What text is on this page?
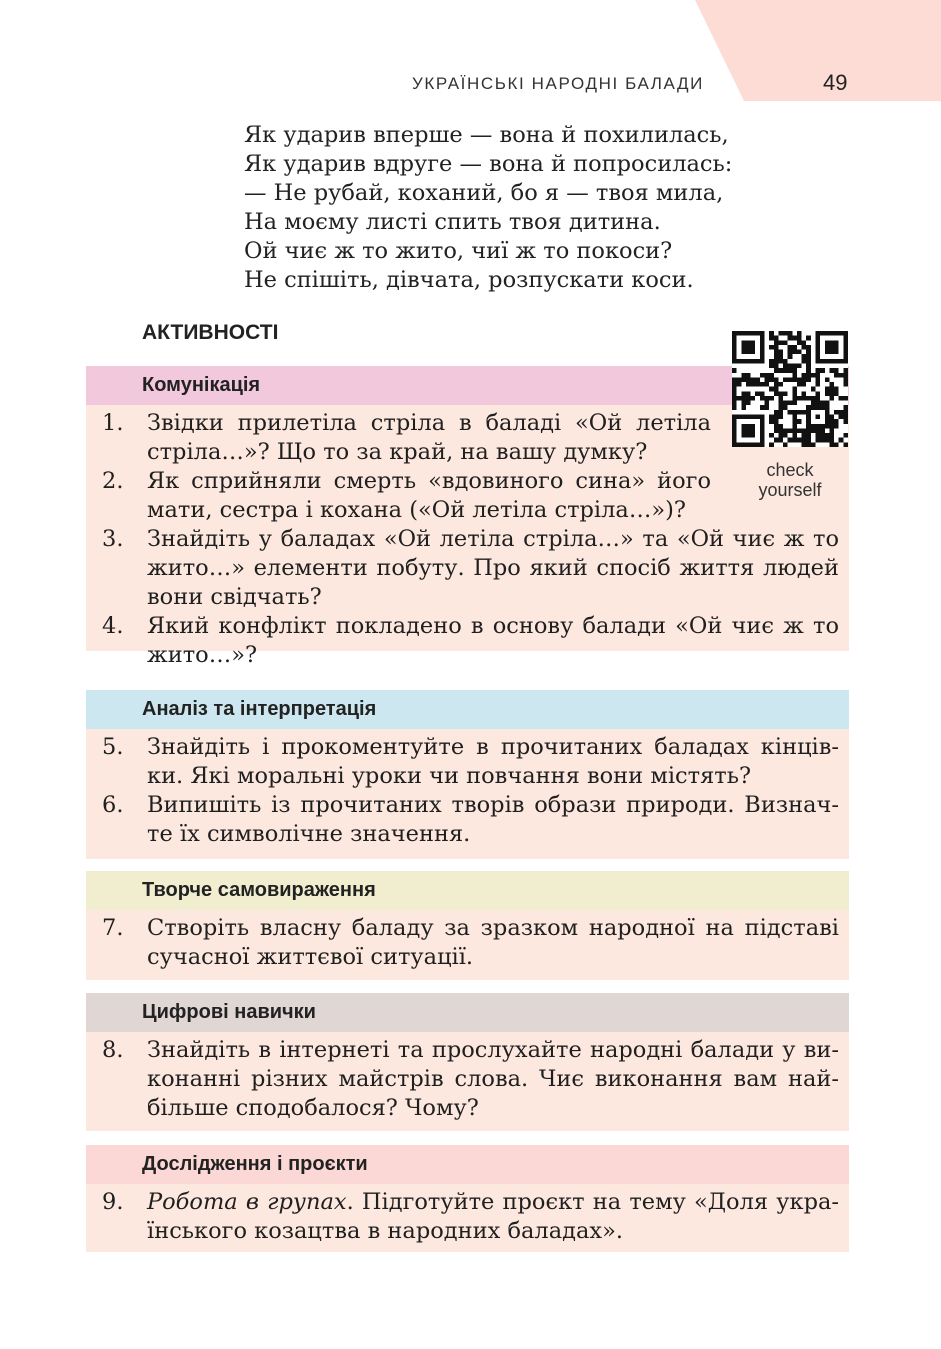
УКРАЇНСЬКІ НАРОДНІ БАЛАДИ	49
Як ударив вперше — вона й похилилась,
Як ударив вдруге — вона й попросилась:
— Не рубай, коханий, бо я — твоя мила,
На моєму листі спить твоя дитина.
Ой чиє ж то жито, чиї ж то покоси?
Не спішіть, дівчата, розпускати коси.
АКТИВНОСТІ
Комунікація
1. Звідки прилетіла стріла в баладі «Ой летіла
стріла…»? Що то за край, на вашу думку?
2. Як сприйняли смерть «вдовиного сина» його
мати, сестра і кохана («Ой летіла стріла…»)?
3. Знайдіть у баладах «Ой летіла стріла…» та «Ой чиє ж то
жито…» елементи побуту. Про який спосіб життя людей
вони свідчать?
4. Який конфлікт покладено в основу балади «Ой чиє ж то
жито…»?
check
yourself
Аналіз та інтерпретація
5. Знайдіть і прокоментуйте в прочитаних баладах кінців-
ки. Які моральні уроки чи повчання вони містять?
6. Випишіть із прочитаних творів образи природи. Визнач-
те їх символічне значення.
Творче самовираження
7. Створіть власну баладу за зразком народної на підставі
сучасної життєвої ситуації.
Цифрові навички
8. Знайдіть в інтернеті та прослухайте народні балади у ви-
конанні різних майстрів слова. Чиє виконання вам най-
більше сподобалося? Чому?
Дослідження і проєкти
9. Робота в групах. Підготуйте проєкт на тему «Доля укра-
їнського козацтва в народних баладах».
